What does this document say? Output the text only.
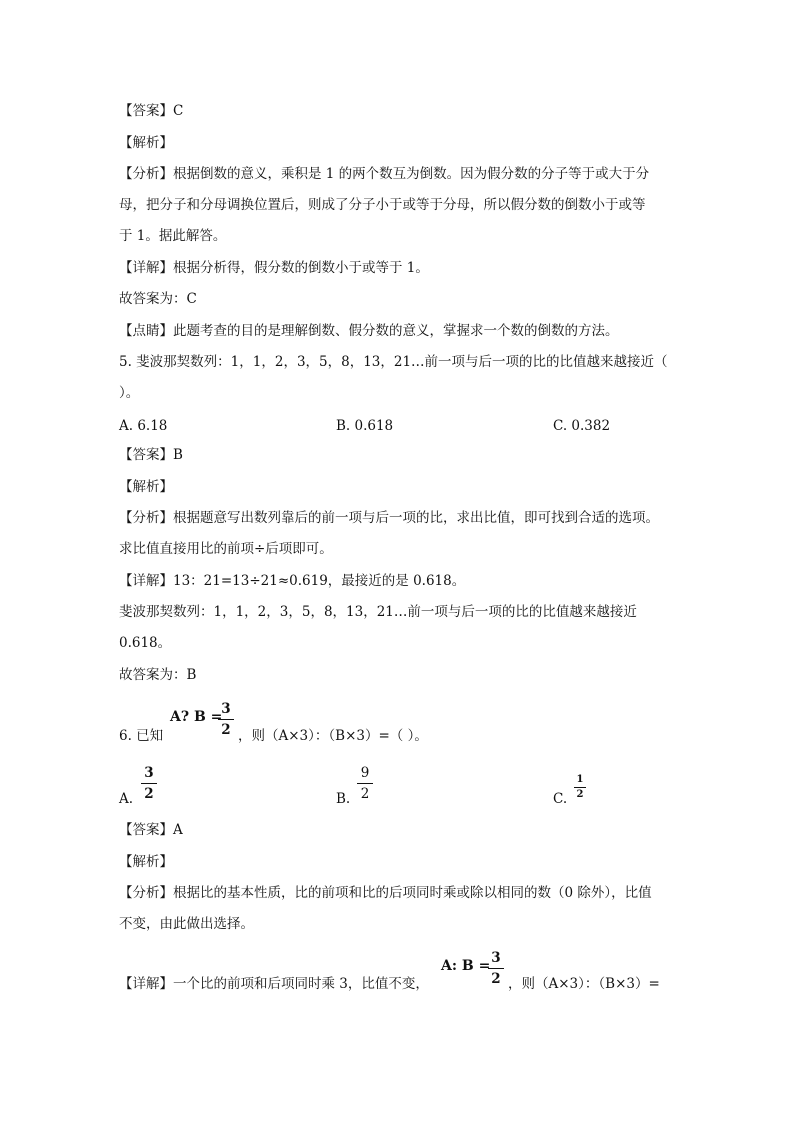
【答案】C
【解析】
【分析】根据倒数的意义，乘积是 1 的两个数互为倒数。因为假分数的分子等于或大于分
母，把分子和分母调换位置后，则成了分子小于或等于分母，所以假分数的倒数小于或等
于 1。据此解答。
【详解】根据分析得，假分数的倒数小于或等于 1。
故答案为：C
【点睛】此题考查的目的是理解倒数、假分数的意义，掌握求一个数的倒数的方法。
5. 斐波那契数列：1，1，2，3，5，8，13，21…前一项与后一项的比的比值越来越接近（
）。
A. 6.18	B. 0.618	C. 0.382
【答案】B
【解析】
【分析】根据题意写出数列靠后的前一项与后一项的比，求出比值，即可找到合适的选项。
求比值直接用比的前项÷后项即可。
【详解】13：21=13÷21≈0.619，最接近的是 0.618。
斐波那契数列：1，1，2，3，5，8，13，21…前一项与后一项的比的比值越来越接近
0.618。
故答案为：B
6. 已知
A? B =
3
2 ，则（A×3）：（B×3）=（ ）。
A.
3
2	B.
9
2	C.
1
2
【答案】A
【解析】
【分析】根据比的基本性质，比的前项和比的后项同时乘或除以相同的数（0 除外），比值
不变，由此做出选择。
【详解】一个比的前项和后项同时乘 3，比值不变，
A: B = 3
2 ，则（A×3）：（B×3）=
